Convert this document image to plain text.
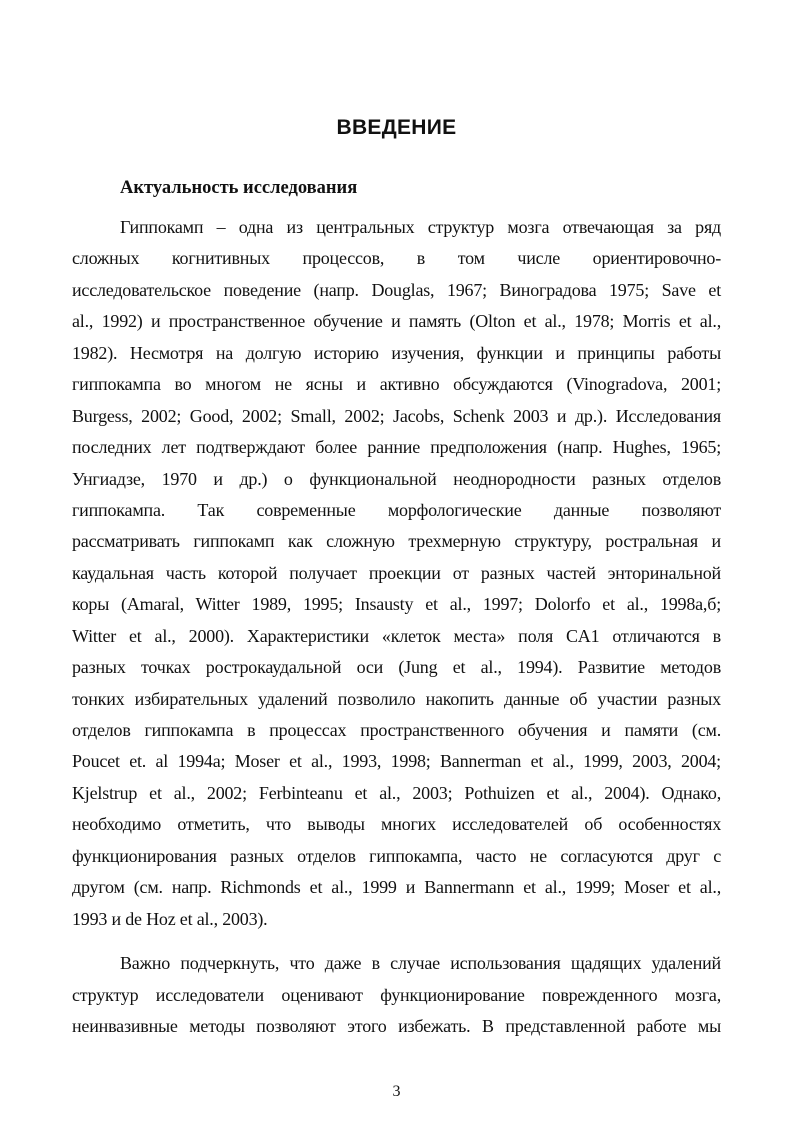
ВВЕДЕНИЕ
Актуальность исследования
Гиппокамп – одна из центральных структур мозга отвечающая за ряд
сложных когнитивных процессов, в том числе ориентировочно-
исследовательское поведение (напр. Douglas, 1967; Виноградова 1975; Save et
al., 1992) и пространственное обучение и память (Olton et al., 1978; Morris et al.,
1982). Несмотря на долгую историю изучения, функции и принципы работы
гиппокампа во многом не ясны и активно обсуждаются (Vinogradova, 2001;
Burgess, 2002; Good, 2002; Small, 2002; Jacobs, Schenk 2003 и др.). Исследования
последних лет подтверждают более ранние предположения (напр. Hughes, 1965;
Унгиадзе, 1970 и др.) о функциональной неоднородности разных отделов
гиппокампа. Так современные морфологические данные позволяют
рассматривать гиппокамп как сложную трехмерную структуру, ростральная и
каудальная часть которой получает проекции от разных частей энторинальной
коры (Amaral, Witter 1989, 1995; Insausty et al., 1997; Dolorfo et al., 1998а,б;
Witter et al., 2000). Характеристики «клеток места» поля CA1 отличаются в
разных точках рострокаудальной оси (Jung et al., 1994). Развитие методов
тонких избирательных удалений позволило накопить данные об участии разных
отделов гиппокампа в процессах пространственного обучения и памяти (см.
Poucet et. al 1994a; Moser et al., 1993, 1998; Bannerman et al., 1999, 2003, 2004;
Kjelstrup et al., 2002; Ferbinteanu et al., 2003; Pothuizen et al., 2004). Однако,
необходимо отметить, что выводы многих исследователей об особенностях
функционирования разных отделов гиппокампа, часто не согласуются друг с
другом (см. напр. Richmonds et al., 1999 и Bannermann et al., 1999; Moser et al.,
1993 и de Hoz et al., 2003).
Важно подчеркнуть, что даже в случае использования щадящих удалений
структур исследователи оценивают функционирование поврежденного мозга,
неинвазивные методы позволяют этого избежать. В представленной работе мы
3
